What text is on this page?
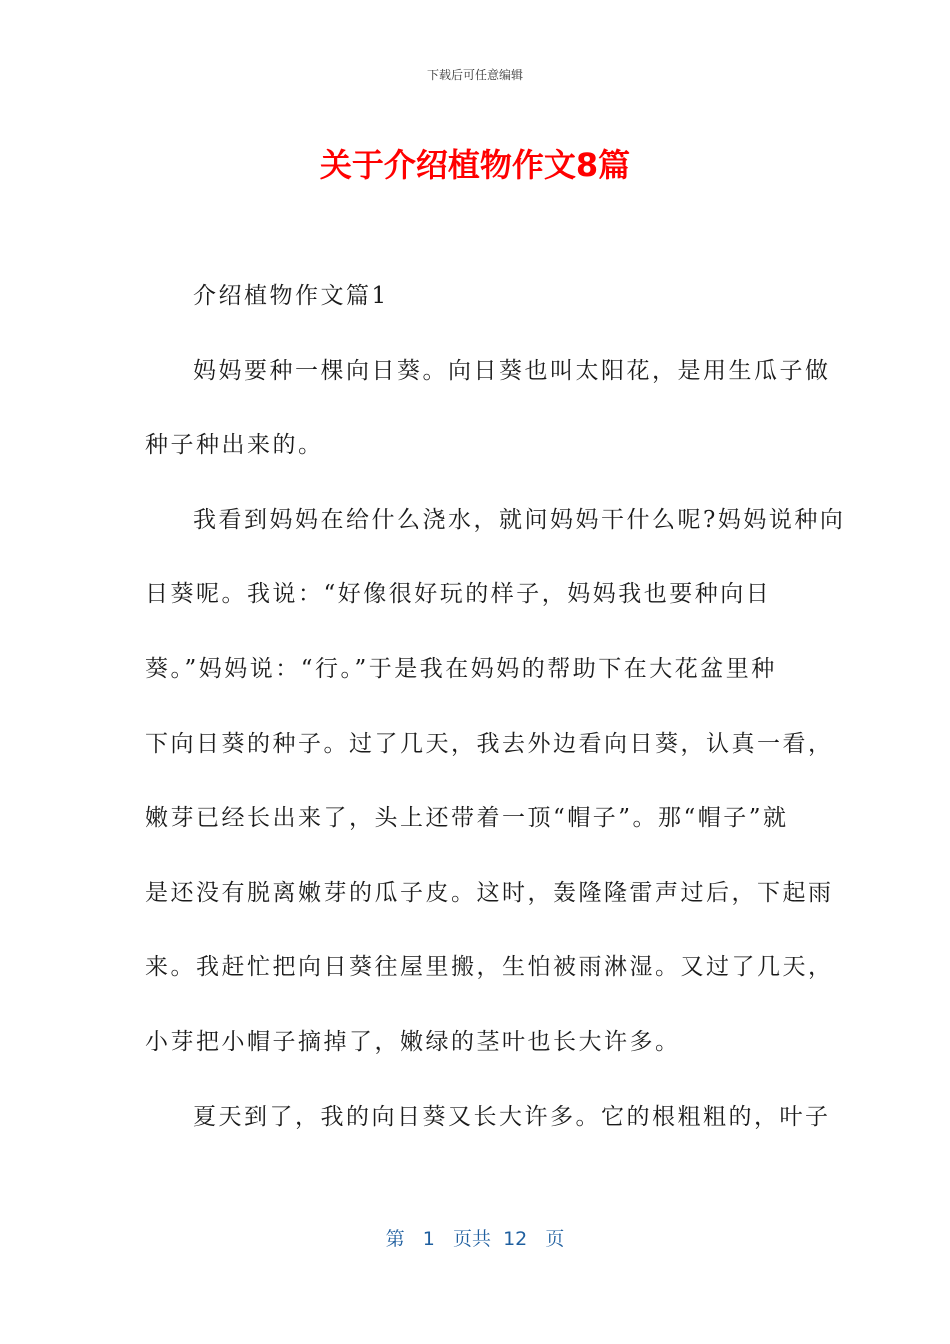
下载后可任意编辑
关于介绍植物作文8篇
介绍植物作文篇1
妈妈要种一棵向日葵。向日葵也叫太阳花，是用生瓜子做
种子种出来的。
我看到妈妈在给什么浇水，就问妈妈干什么呢?妈妈说种向
日葵呢。我说：“好像很好玩的样子，妈妈我也要种向日
葵。”妈妈说：“行。”于是我在妈妈的帮助下在大花盆里种
下向日葵的种子。过了几天，我去外边看向日葵，认真一看，
嫩芽已经长出来了，头上还带着一顶“帽子”。那“帽子”就
是还没有脱离嫩芽的瓜子皮。这时，轰隆隆雷声过后，下起雨
来。我赶忙把向日葵往屋里搬，生怕被雨淋湿。又过了几天，
小芽把小帽子摘掉了，嫩绿的茎叶也长大许多。
夏天到了，我的向日葵又长大许多。它的根粗粗的，叶子
第 1 页共 12 页
